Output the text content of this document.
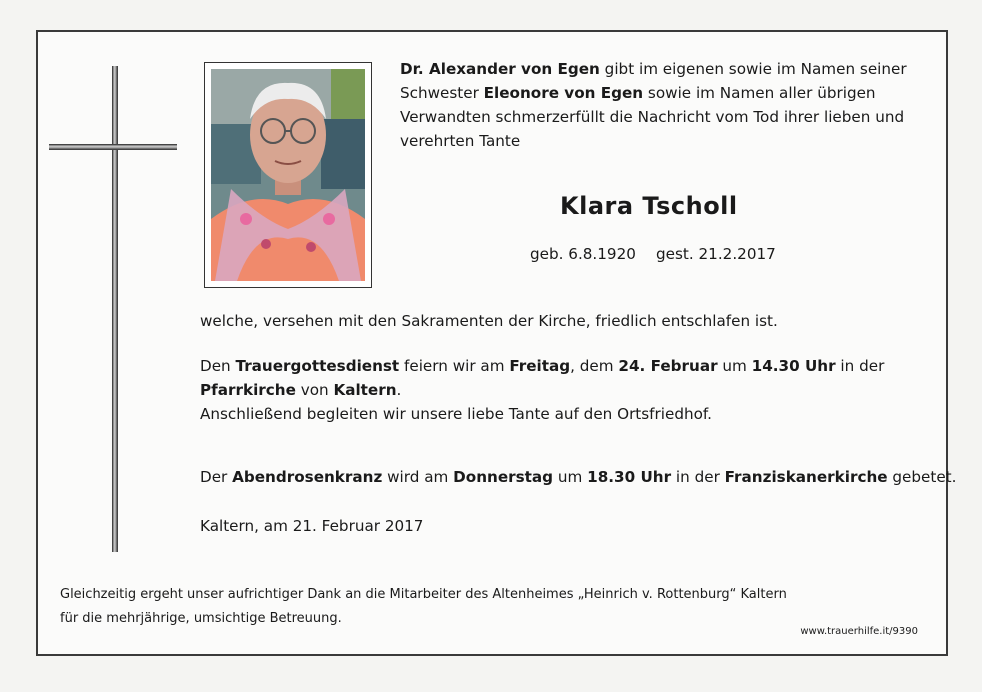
Dr. Alexander von Egen gibt im eigenen sowie im Namen seiner
Schwester Eleonore von Egen sowie im Namen aller übrigen
Verwandten schmerzerfüllt die Nachricht vom Tod ihrer lieben und
verehrten Tante
Klara Tscholl
geb. 6.8.1920 gest. 21.2.2017
welche, versehen mit den Sakramenten der Kirche, friedlich entschlafen ist.
Den Trauergottesdienst feiern wir am Freitag, dem 24. Februar um 14.30 Uhr in der
Pfarrkirche von Kaltern.
Anschließend begleiten wir unsere liebe Tante auf den Ortsfriedhof.
Der Abendrosenkranz wird am Donnerstag um 18.30 Uhr in der Franziskanerkirche gebetet.
Kaltern, am 21. Februar 2017
Gleichzeitig ergeht unser aufrichtiger Dank an die Mitarbeiter des Altenheimes „Heinrich v. Rottenburg“ Kaltern
für die mehrjährige, umsichtige Betreuung.
www.trauerhilfe.it/9390
